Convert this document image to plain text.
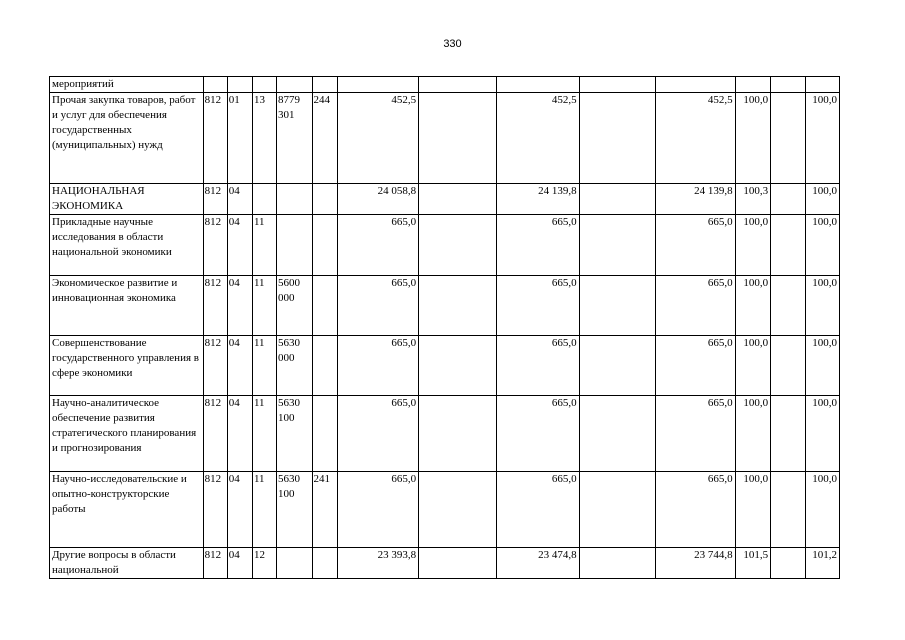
330
мероприятий													
Прочая закупка товаров, работ и услуг для обеспечения государственных (муниципальных) нужд	812	01	13	8779 301	244	452,5		452,5		452,5	100,0		100,0
НАЦИОНАЛЬНАЯ ЭКОНОМИКА	812	04				24 058,8		24 139,8		24 139,8	100,3		100,0
Прикладные научные исследования в области национальной экономики	812	04	11			665,0		665,0		665,0	100,0		100,0
Экономическое развитие и инновационная экономика	812	04	11	5600 000		665,0		665,0		665,0	100,0		100,0
Совершенствование государственного управления в сфере экономики	812	04	11	5630 000		665,0		665,0		665,0	100,0		100,0
Научно-аналитическое обеспечение развития стратегического планирования и прогнозирования	812	04	11	5630 100		665,0		665,0		665,0	100,0		100,0
Научно-исследовательские и опытно-конструкторские работы	812	04	11	5630 100	241	665,0		665,0		665,0	100,0		100,0
Другие вопросы в области национальной	812	04	12			23 393,8		23 474,8		23 744,8	101,5		101,2
